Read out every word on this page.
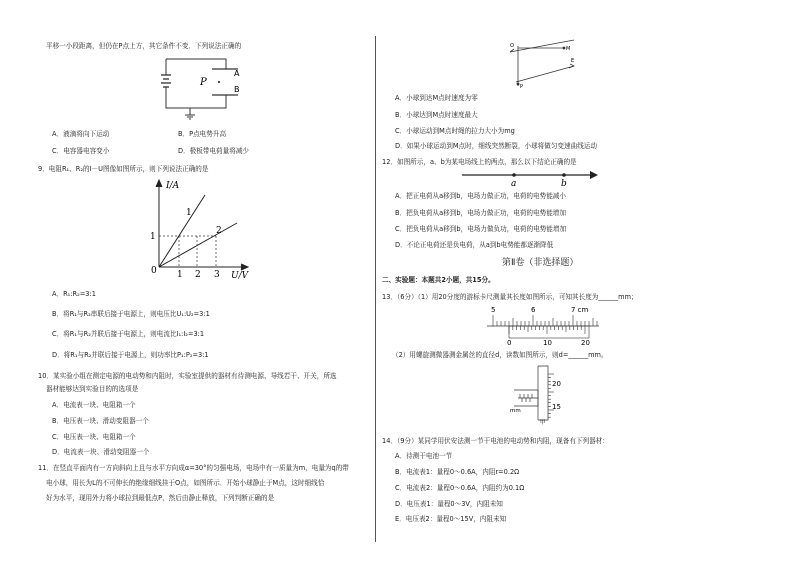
平移一小段距离，但仍在P点上方，其它条件不变．下列说法正确的
P
A
B
A．液滴将向下运动	B．P点电势升高
C．电容器电容变小	D．极板带电荷量将减少
9．电阻R₁、R₂的I－U图像如图所示，则下列说法正确的是
I/A
U/V
0
1
2
1
1 2 3
A．R₁:R₂=3:1
B．将R₁与R₂串联后接于电源上，则电压比U₁:U₂=3:1
C．将R₁与R₂并联后接于电源上，则电流比I₁:I₂=3:1
D．将R₁与R₂并联后接于电源上，则功率比P₁:P₂=3:1
10．某实验小组在测定电源的电动势和内阻时，实验室提供的器材有待测电源、导线若干、开关，所选
器材能够达到实验目的的选项是
A．电流表一块、电阻箱一个
B．电压表一块、滑动变阻器一个
C．电压表一块、电阻箱一个
D．电流表一块、滑动变阻器一个
11．在竖直平面内有一方向斜向上且与水平方向成α=30°的匀强电场，电场中有一质量为m，电量为q的带
电小球，用长为L的不可伸长的绝缘细线挂于O点，如图所示．开始小球静止于M点，这时细线恰
好为水平，现用外力将小球拉到最低点P，然后由静止释放，下列判断正确的是
O	M
E
P
A．小球到达M点时速度为零
B．小球达到M点时速度最大
C．小球运动到M点时绳的拉力大小为mg
D．如果小球运动到M点时，细线突然断裂，小球将做匀变速曲线运动
12．如图所示，a、b为某电场线上的两点，那么以下结论正确的是
a	b
A．把正电荷从a移到b，电场力做正功，电荷的电势能减小
B．把负电荷从a移到b，电场力做正功，电荷的电势能增加
C．把负电荷从a移到b，电场力做负功，电荷的电势能增加
D．不论正电荷还是负电荷，从a到b电势能都逐渐降低
第Ⅱ卷（非选择题）
二、实验题：本题共2小题，共15分。
13．（6分）（1）用20分度的游标卡尺测量其长度如图所示，可知其长度为______mm；
5	6	7 cm
0	10	20
（2）用螺旋测微器测金属丝的直径d，读数如图所示，则d=______mm。
20
15
mm
甲
14．（9分）某同学用伏安法测一节干电池的电动势和内阻，现备有下列器材：
A．待测干电池一节
B．电流表1：量程0～0.6A，内阻r=0.2Ω
C．电流表2：量程0～0.6A，内阻约为0.1Ω
D．电压表1：量程0～3V，内阻未知
E．电压表2：量程0～15V，内阻未知
